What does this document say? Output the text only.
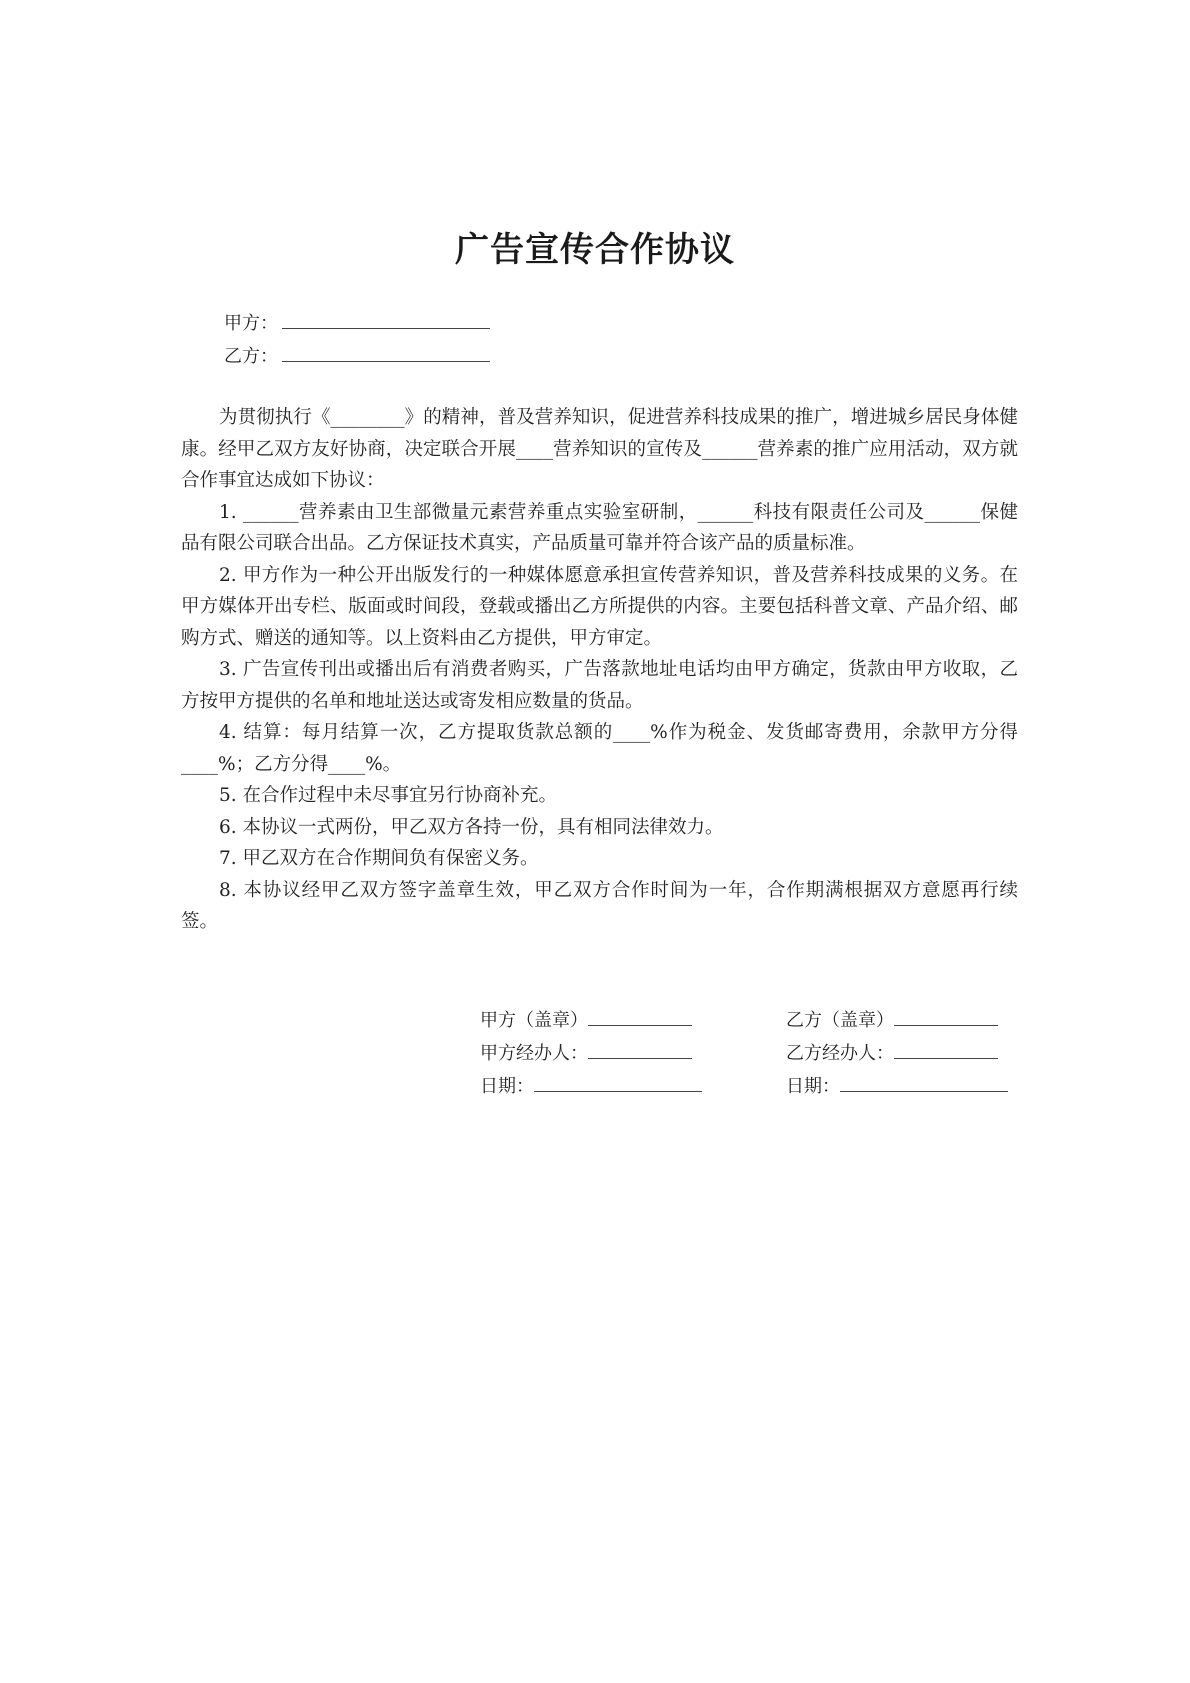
广告宣传合作协议
甲方：
乙方：

为贯彻执行《________》的精神，普及营养知识，促进营养科技成果的推广，增进城乡居民身体健康。经甲乙双方友好协商，决定联合开展____营养知识的宣传及______营养素的推广应用活动，双方就合作事宜达成如下协议：

1. ______营养素由卫生部微量元素营养重点实验室研制，______科技有限责任公司及______保健品有限公司联合出品。乙方保证技术真实，产品质量可靠并符合该产品的质量标准。

2. 甲方作为一种公开出版发行的一种媒体愿意承担宣传营养知识，普及营养科技成果的义务。在甲方媒体开出专栏、版面或时间段，登载或播出乙方所提供的内容。主要包括科普文章、产品介绍、邮购方式、赠送的通知等。以上资料由乙方提供，甲方审定。

3. 广告宣传刊出或播出后有消费者购买，广告落款地址电话均由甲方确定，货款由甲方收取，乙方按甲方提供的名单和地址送达或寄发相应数量的货品。

4. 结算：每月结算一次，乙方提取货款总额的____%作为税金、发货邮寄费用，余款甲方分得____%；乙方分得____%。

5. 在合作过程中未尽事宜另行协商补充。

6. 本协议一式两份，甲乙双方各持一份，具有相同法律效力。

7. 甲乙双方在合作期间负有保密义务。

8. 本协议经甲乙双方签字盖章生效，甲乙双方合作时间为一年，合作期满根据双方意愿再行续签。

甲方（盖章）
甲方经办人：
日期：
乙方（盖章）
乙方经办人：
日期：
